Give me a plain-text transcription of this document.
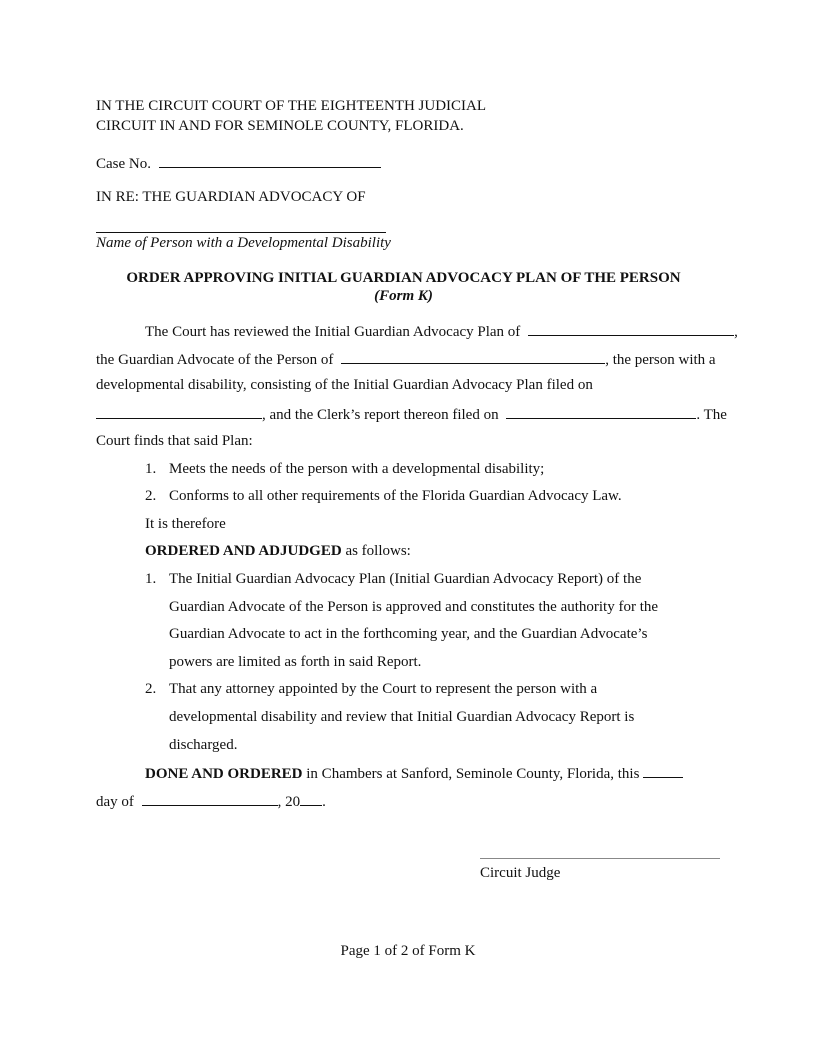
IN THE CIRCUIT COURT OF THE EIGHTEENTH JUDICIAL
CIRCUIT IN AND FOR SEMINOLE COUNTY, FLORIDA.
Case No.
IN RE: THE GUARDIAN ADVOCACY OF
Name of Person with a Developmental Disability
ORDER APPROVING INITIAL GUARDIAN ADVOCACY PLAN OF THE PERSON
(Form K)
The Court has reviewed the Initial Guardian Advocacy Plan of	,
the Guardian Advocate of the Person of	, the person with a
developmental disability, consisting of the Initial Guardian Advocacy Plan filed on
, and the Clerk’s report thereon filed on	. The
Court finds that said Plan:
1. Meets the needs of the person with a developmental disability;
2. Conforms to all other requirements of the Florida Guardian Advocacy Law.
It is therefore
ORDERED AND ADJUDGED as follows:
1. The Initial Guardian Advocacy Plan (Initial Guardian Advocacy Report) of the
Guardian Advocate of the Person is approved and constitutes the authority for the
Guardian Advocate to act in the forthcoming year, and the Guardian Advocate’s
powers are limited as forth in said Report.
2. That any attorney appointed by the Court to represent the person with a
developmental disability and review that Initial Guardian Advocacy Report is
discharged.
DONE AND ORDERED in Chambers at Sanford, Seminole County, Florida, this
day of	, 20 .
Circuit Judge
Page 1 of 2 of Form K
